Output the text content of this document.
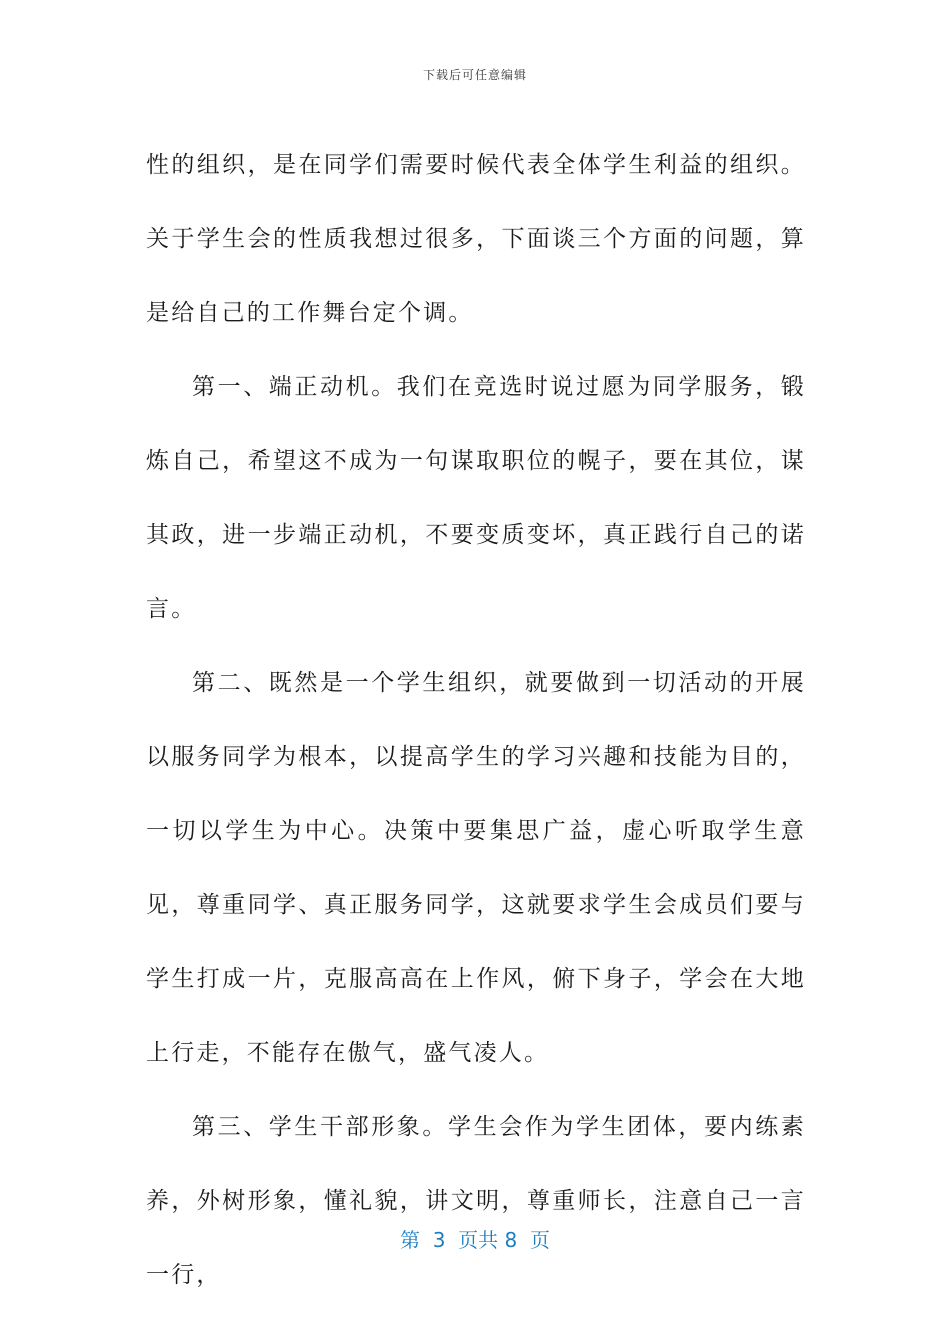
下载后可任意编辑

性的组织，是在同学们需要时候代表全体学生利益的组织。关于学生会的性质我想过很多，下面谈三个方面的问题，算是给自己的工作舞台定个调。

第一、端正动机。我们在竞选时说过愿为同学服务，锻炼自己，希望这不成为一句谋取职位的幌子，要在其位，谋其政，进一步端正动机，不要变质变坏，真正践行自己的诺言。

第二、既然是一个学生组织，就要做到一切活动的开展以服务同学为根本，以提高学生的学习兴趣和技能为目的，一切以学生为中心。决策中要集思广益，虚心听取学生意见，尊重同学、真正服务同学，这就要求学生会成员们要与学生打成一片，克服高高在上作风，俯下身子，学会在大地上行走，不能存在傲气，盛气凌人。

第三、学生干部形象。学生会作为学生团体，要内练素养，外树形象，懂礼貌，讲文明，尊重师长，注意自己一言一行，

第  3  页共 8  页
